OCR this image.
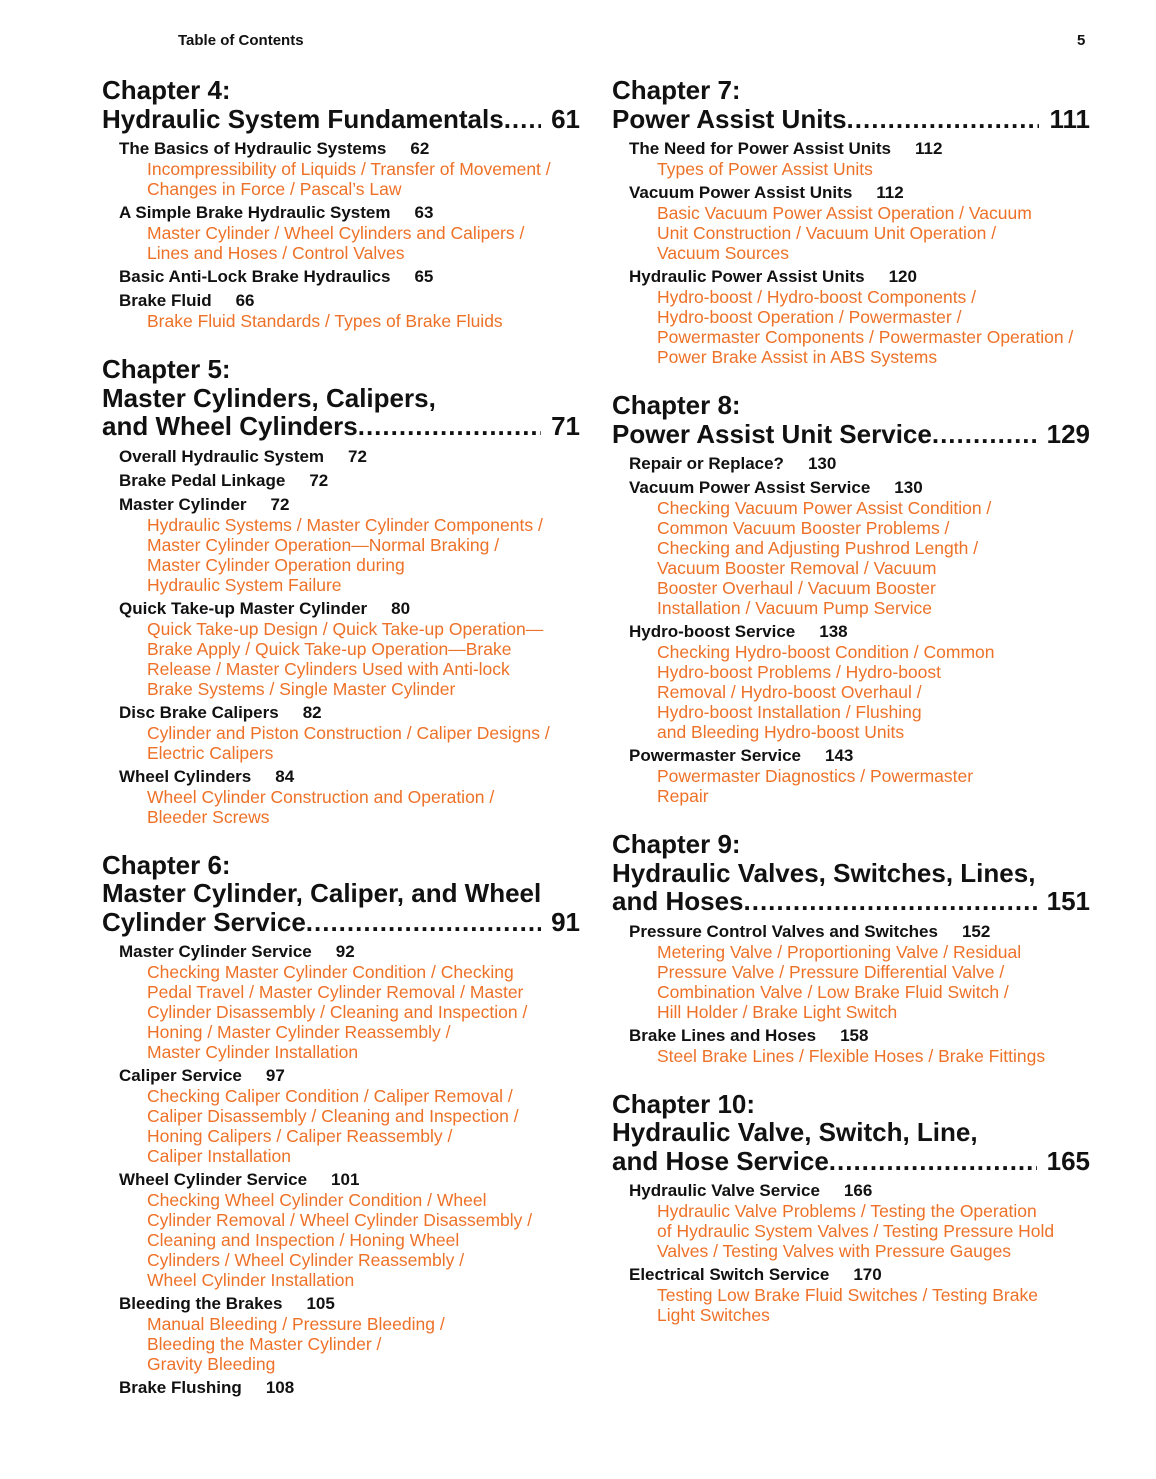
Table of Contents	5
Chapter 4:
Hydraulic System Fundamentals .....	61
The Basics of Hydraulic Systems 62
Incompressibility of Liquids / Transfer of Movement /
Changes in Force / Pascal’s Law
A Simple Brake Hydraulic System 63
Master Cylinder / Wheel Cylinders and Calipers /
Lines and Hoses / Control Valves
Basic Anti-Lock Brake Hydraulics 65
Brake Fluid 66
Brake Fluid Standards / Types of Brake Fluids
Chapter 5:
Master Cylinders, Calipers,
and Wheel Cylinders .....	71
Overall Hydraulic System 72
Brake Pedal Linkage 72
Master Cylinder 72
Hydraulic Systems / Master Cylinder Components /
Master Cylinder Operation—Normal Braking /
Master Cylinder Operation during
Hydraulic System Failure
Quick Take-up Master Cylinder 80
Quick Take-up Design / Quick Take-up Operation—
Brake Apply / Quick Take-up Operation—Brake
Release / Master Cylinders Used with Anti-lock
Brake Systems / Single Master Cylinder
Disc Brake Calipers 82
Cylinder and Piston Construction / Caliper Designs /
Electric Calipers
Wheel Cylinders 84
Wheel Cylinder Construction and Operation /
Bleeder Screws
Chapter 6:
Master Cylinder, Caliper, and Wheel
Cylinder Service .....	91
Master Cylinder Service 92
Checking Master Cylinder Condition / Checking
Pedal Travel / Master Cylinder Removal / Master
Cylinder Disassembly / Cleaning and Inspection /
Honing / Master Cylinder Reassembly /
Master Cylinder Installation
Caliper Service 97
Checking Caliper Condition / Caliper Removal /
Caliper Disassembly / Cleaning and Inspection /
Honing Calipers / Caliper Reassembly /
Caliper Installation
Wheel Cylinder Service 101
Checking Wheel Cylinder Condition / Wheel
Cylinder Removal / Wheel Cylinder Disassembly /
Cleaning and Inspection / Honing Wheel
Cylinders / Wheel Cylinder Reassembly /
Wheel Cylinder Installation
Bleeding the Brakes 105
Manual Bleeding / Pressure Bleeding /
Bleeding the Master Cylinder /
Gravity Bleeding
Brake Flushing 108
Chapter 7:
Power Assist Units .....	111
The Need for Power Assist Units 112
Types of Power Assist Units
Vacuum Power Assist Units 112
Basic Vacuum Power Assist Operation / Vacuum
Unit Construction / Vacuum Unit Operation /
Vacuum Sources
Hydraulic Power Assist Units 120
Hydro-boost / Hydro-boost Components /
Hydro-boost Operation / Powermaster /
Powermaster Components / Powermaster Operation /
Power Brake Assist in ABS Systems
Chapter 8:
Power Assist Unit Service .....	129
Repair or Replace? 130
Vacuum Power Assist Service 130
Checking Vacuum Power Assist Condition /
Common Vacuum Booster Problems /
Checking and Adjusting Pushrod Length /
Vacuum Booster Removal / Vacuum
Booster Overhaul / Vacuum Booster
Installation / Vacuum Pump Service
Hydro-boost Service 138
Checking Hydro-boost Condition / Common
Hydro-boost Problems / Hydro-boost
Removal / Hydro-boost Overhaul /
Hydro-boost Installation / Flushing
and Bleeding Hydro-boost Units
Powermaster Service 143
Powermaster Diagnostics / Powermaster
Repair
Chapter 9:
Hydraulic Valves, Switches, Lines,
and Hoses .....	151
Pressure Control Valves and Switches 152
Metering Valve / Proportioning Valve / Residual
Pressure Valve / Pressure Differential Valve /
Combination Valve / Low Brake Fluid Switch /
Hill Holder / Brake Light Switch
Brake Lines and Hoses 158
Steel Brake Lines / Flexible Hoses / Brake Fittings
Chapter 10:
Hydraulic Valve, Switch, Line,
and Hose Service .....	165
Hydraulic Valve Service 166
Hydraulic Valve Problems / Testing the Operation
of Hydraulic System Valves / Testing Pressure Hold
Valves / Testing Valves with Pressure Gauges
Electrical Switch Service 170
Testing Low Brake Fluid Switches / Testing Brake
Light Switches
